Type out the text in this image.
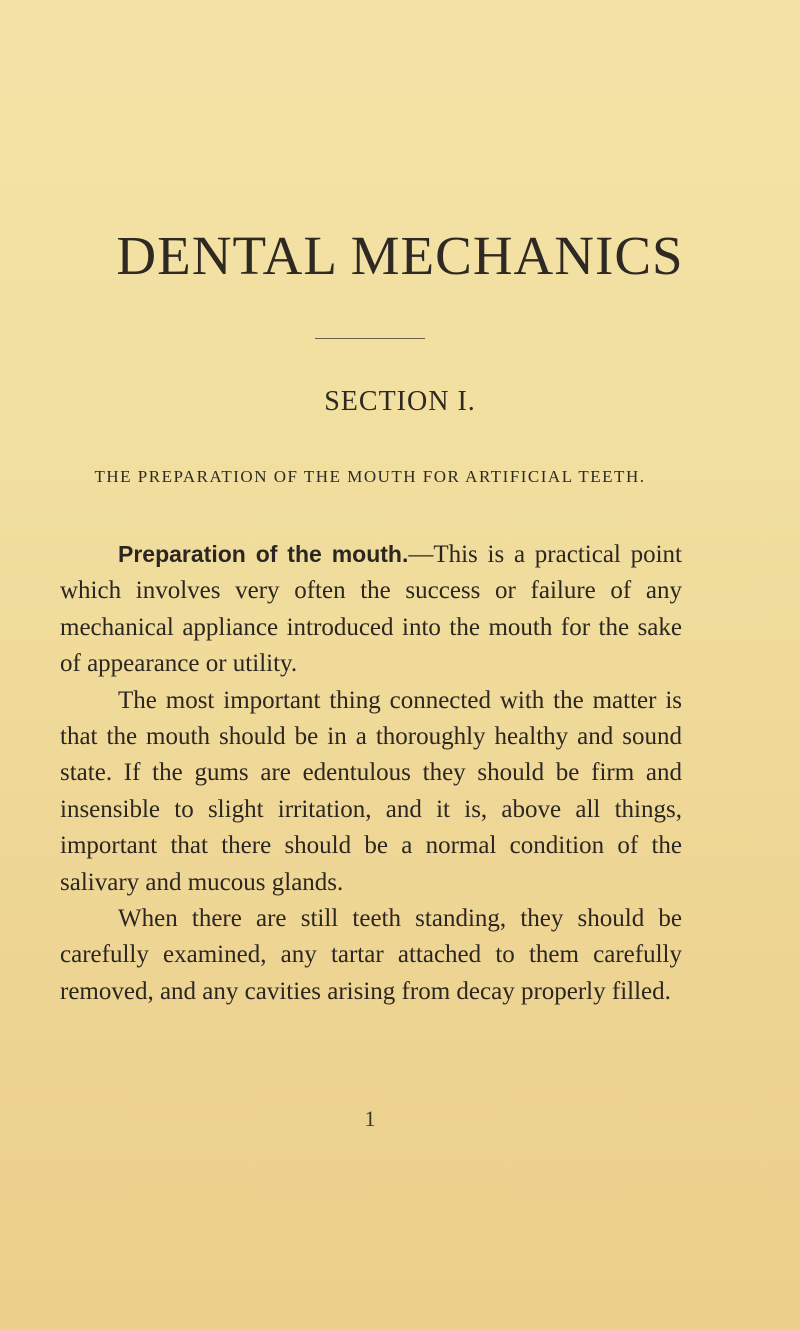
DENTAL MECHANICS
SECTION I.
THE PREPARATION OF THE MOUTH FOR ARTIFICIAL TEETH.

Preparation of the mouth.—This is a practical point which involves very often the success or failure of any mechanical appliance introduced into the mouth for the sake of appearance or utility.

The most important thing connected with the matter is that the mouth should be in a thoroughly healthy and sound state. If the gums are edentulous they should be firm and insensible to slight irritation, and it is, above all things, important that there should be a normal condition of the salivary and mucous glands.

When there are still teeth standing, they should be carefully examined, any tartar attached to them carefully removed, and any cavities arising from decay properly filled.

1
